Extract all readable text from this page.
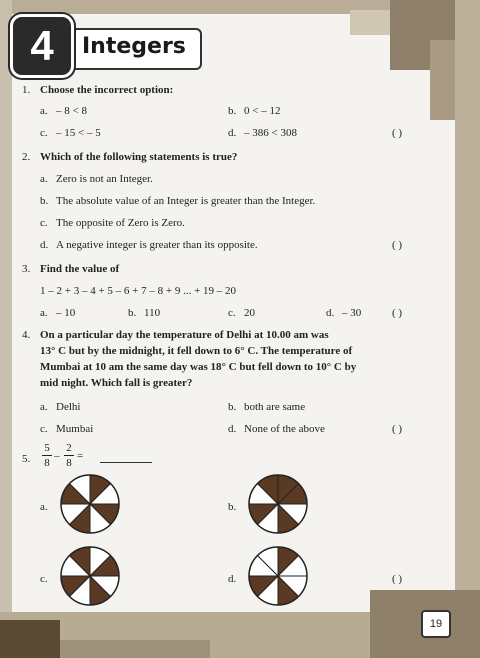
Integers
4
1. Choose the incorrect option:
a. – 8 < 8	b. 0 < – 12
c. – 15 < – 5	d. – 386 < 308	( )
2. Which of the following statements is true?
a. Zero is not an Integer.
b. The absolute value of an Integer is greater than the Integer.
c. The opposite of Zero is Zero.
d. A negative integer is greater than its opposite.	( )
3. Find the value of
1 – 2 + 3 – 4 + 5 – 6 + 7 – 8 + 9 ... + 19 – 20
a. – 10	b. 110	c. 20	d. – 30	( )
4. On a particular day the temperature of Delhi at 10.00 am was
13° C but by the midnight, it fell down to 6° C. The temperature of
Mumbai at 10 am the same day was 18° C but fell down to 10° C by
mid night. Which fall is greater?
a. Delhi	b. both are same
c. Mumbai	d. None of the above	( )
5.
5
8
–
2
8
=
a.	b.
c.	d.	( )
19
